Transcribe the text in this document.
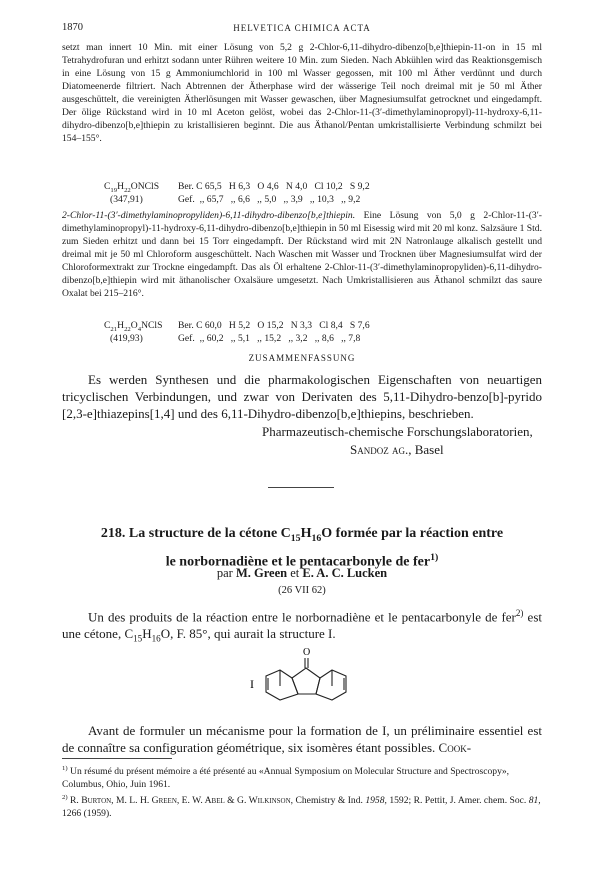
1870	HELVETICA CHIMICA ACTA
setzt man innert 10 Min. mit einer Lösung von 5,2 g 2-Chlor-6,11-dihydro-dibenzo[b,e]thiepin-11-on in 15 ml Tetrahydrofuran und erhitzt sodann unter Rühren weitere 10 Min. zum Sieden. Nach Abkühlen wird das Reaktionsgemisch in eine Lösung von 15 g Ammoniumchlorid in 100 ml Wasser gegossen, mit 100 ml Äther verdünnt und durch Diatomeenerde filtriert. Nach Abtrennen der Ätherphase wird der wässerige Teil noch dreimal mit je 50 ml Äther ausgeschüttelt, die vereinigten Ätherlösungen mit Wasser gewaschen, über Magnesiumsulfat getrocknet und eingedampft. Der ölige Rückstand wird in 10 ml Aceton gelöst, wobei das 2-Chlor-11-(3′-dimethylaminopropyl)-11-hydroxy-6,11-dihydro-dibenzo[b,e]thiepin zu kristallisieren beginnt. Die aus Äthanol/Pentan umkristallisierte Verbindung schmilzt bei 154–155°.
$C_{19}H_{22}ONClS$ Ber. C 65,5   H 6,3   O 4,6   N 4,0   Cl 10,2   S 9,2
(347,91)	Gef.  ,, 65,7   ,, 6,6   ,, 5,0   ,, 3,9   ,, 10,3   ,, 9,2
2-Chlor-11-(3′-dimethylaminopropyliden)-6,11-dihydro-dibenzo[b,e]thiepin. Eine Lösung von 5,0 g 2-Chlor-11-(3′-dimethylaminopropyl)-11-hydroxy-6,11-dihydro-dibenzo[b,e]thiepin in 50 ml Eisessig wird mit 20 ml konz. Salzsäure 1 Std. zum Sieden erhitzt und dann bei 15 Torr eingedampft. Der Rückstand wird mit 2N Natronlauge alkalisch gestellt und dreimal mit je 50 ml Chloroform ausgeschüttelt. Nach Waschen mit Wasser und Trocknen über Magnesiumsulfat wird der Chloroformextrakt zur Trockne eingedampft. Das als Öl erhaltene 2-Chlor-11-(3′-dimethylaminopropyliden)-6,11-dihydro-dibenzo[b,e]thiepin wird mit äthanolischer Oxalsäure umgesetzt. Nach Umkristallisieren aus Äthanol schmilzt das saure Oxalat bei 215–216°.
$C_{21}H_{22}O_4NClS$ Ber. C 60,0   H 5,2   O 15,2   N 3,3   Cl 8,4   S 7,6
(419,93)	Gef.  ,, 60,2   ,, 5,1   ,, 15,2   ,, 3,2   ,, 8,6   ,, 7,8
ZUSAMMENFASSUNG
Es werden Synthesen und die pharmakologischen Eigenschaften von neuartigen tricyclischen Verbindungen, und zwar von Derivaten des 5,11-Dihydro-benzo[b]-pyrido [2,3-e]thiazepins[1,4] und des 6,11-Dihydro-dibenzo[b,e]thiepins, beschrieben.
Pharmazeutisch-chemische Forschungslaboratorien,
Sandoz ag., Basel
218. La structure de la cétone $C_{15}H_{16}O$ formée par la réaction entre
le norbornadiène et le pentacarbonyle de fer$^{1)}$
par M. Green et E. A. C. Lucken
(26 VII 62)
Un des produits de la réaction entre le norbornadiène et le pentacarbonyle de fer$^{2)}$ est une cétone, $C_{15}H_{16}O$, F. 85°, qui aurait la structure I.
I
O
Avant de formuler un mécanisme pour la formation de I, un préliminaire essentiel est de connaître sa configuration géométrique, six isomères étant possibles. Cook-
$^{1)}$ Un résumé du présent mémoire a été présenté au «Annual Symposium on Molecular Structure and Spectroscopy», Columbus, Ohio, Juin 1961.
$^{2)}$ R. Burton, M. L. H. Green, E. W. Abel & G. Wilkinson, Chemistry & Ind. 1958, 1592; R. Pettit, J. Amer. chem. Soc. 81, 1266 (1959).
